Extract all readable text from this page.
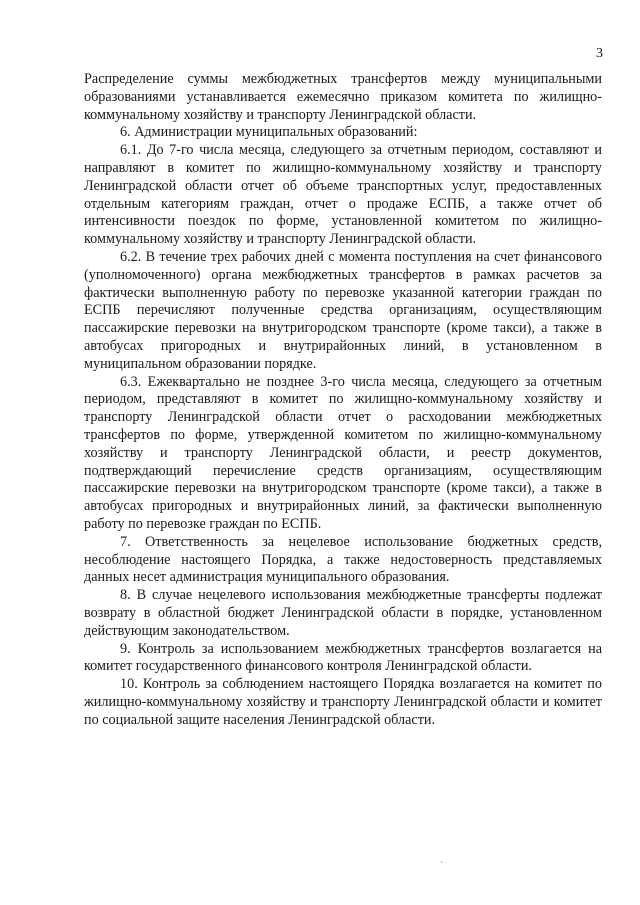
3

Распределение суммы межбюджетных трансфертов между муниципальными образованиями устанавливается ежемесячно приказом комитета по жилищно-коммунальному хозяйству и транспорту Ленинградской области.

6. Администрации муниципальных образований:

6.1. До 7-го числа месяца, следующего за отчетным периодом, составляют и направляют в комитет по жилищно-коммунальному хозяйству и транспорту Ленинградской области отчет об объеме транспортных услуг, предоставленных отдельным категориям граждан, отчет о продаже ЕСПБ, а также отчет об интенсивности поездок по форме, установленной комитетом по жилищно-коммунальному хозяйству и транспорту Ленинградской области.

6.2. В течение трех рабочих дней с момента поступления на счет финансового (уполномоченного) органа межбюджетных трансфертов в рамках расчетов за фактически выполненную работу по перевозке указанной категории граждан по ЕСПБ перечисляют полученные средства организациям, осуществляющим пассажирские перевозки на внутригородском транспорте (кроме такси), а также в автобусах пригородных и внутрирайонных линий, в установленном в муниципальном образовании порядке.

6.3. Ежеквартально не позднее 3-го числа месяца, следующего за отчетным периодом, представляют в комитет по жилищно-коммунальному хозяйству и транспорту Ленинградской области отчет о расходовании межбюджетных трансфертов по форме, утвержденной комитетом по жилищно-коммунальному хозяйству и транспорту Ленинградской области, и реестр документов, подтверждающий перечисление средств организациям, осуществляющим пассажирские перевозки на внутригородском транспорте (кроме такси), а также в автобусах пригородных и внутрирайонных линий, за фактически выполненную работу по перевозке граждан по ЕСПБ.

7. Ответственность за нецелевое использование бюджетных средств, несоблюдение настоящего Порядка, а также недостоверность представляемых данных несет администрация муниципального образования.

8. В случае нецелевого использования межбюджетные трансферты подлежат возврату в областной бюджет Ленинградской области в порядке, установленном действующим законодательством.

9. Контроль за использованием межбюджетных трансфертов возлагается на комитет государственного финансового контроля Ленинградской области.

10. Контроль за соблюдением настоящего Порядка возлагается на комитет по жилищно-коммунальному хозяйству и транспорту Ленинградской области и комитет по социальной защите населения Ленинградской области.

ˋ
